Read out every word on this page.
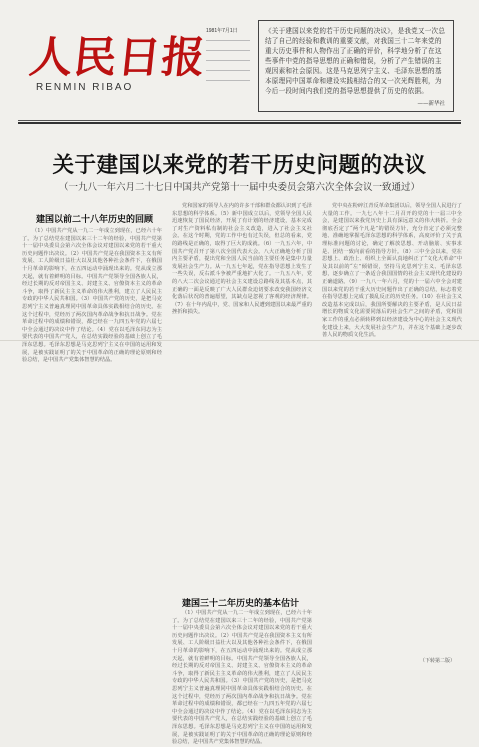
人民日报
RENMIN RIBAO
1981年7月1日	《关于建国以来党的若干历史问题的决议》，是我党又一次总结了自己的经验和教训的重要文献，对我国三十二年来党的重大历史事件和人物作出了正确的评价，科学地分析了在这些事件中党的指导思想的正确和错误，分析了产生错误的主观因素和社会原因。这是马克思列宁主义、毛泽东思想的基本原理同中国革命和建设实践相结合的又一次光辉胜利，为今后一段时间内我们党的指导思想提供了历史的依据。
——新华社
关于建国以来党的若干历史问题的决议
（一九八一年六月二十七日中国共产党第十一届中央委员会第六次全体会议一致通过）
建国以前二十八年历史的回顾

（1）中国共产党从一九二一年成立到现在，已经六十年了。为了总结党在建国以来三十二年的经验，中国共产党第十一届中央委员会第六次全体会议对建国以来党的若干重大历史问题作出决议。（2）中国共产党是在我国资本主义有所发展、工人阶级日益壮大以及其他各种社会条件下，在俄国十月革命的影响下，在五四运动中涌现出来的。党从成立那天起，就有着鲜明的目标。中国共产党领导全国各族人民，经过长期的反对帝国主义、封建主义、官僚资本主义的革命斗争，取得了新民主主义革命的伟大胜利，建立了人民民主专政的中华人民共和国。（3）中国共产党的历史，是把马克思列宁主义普遍真理同中国革命具体实践相结合的历史。在这个过程中，党经历了两次国内革命战争和抗日战争。党在革命过程中的成绩和错误，都已经在一九四五年党的六届七中全会通过的决议中作了结论。（4）党在以毛泽东同志为主要代表的中国共产党人，在总结实践经验的基础上创立了毛泽东思想。毛泽东思想是马克思列宁主义在中国的运用和发展，是被实践证明了的关于中国革命的正确的理论原则和经验总结，是中国共产党集体智慧的结晶。

党和国家的领导人在内的许多干部和群众都认识到了毛泽东思想的科学体系。（5）新中国成立以后，党领导全国人民迅速恢复了国民经济，开展了有计划的经济建设，基本完成了对生产资料私有制的社会主义改造，进入了社会主义社会。在这个时期，党的工作中也有过失误，但总的看来，党的路线是正确的，取得了巨大的成就。（6）一九五六年，中国共产党召开了第八次全国代表大会。八大正确地分析了国内主要矛盾，提出党和全国人民当前的主要任务是集中力量发展社会生产力。从一九五七年起，党在指导思想上发生了一些失误，反右派斗争被严重地扩大化了。一九五八年，党的八大二次会议通过的社会主义建设总路线及其基本点，其正确的一面是反映了广大人民群众迫切要求改变我国经济文化落后状况的普遍愿望，其缺点是忽视了客观的经济规律。（7）在十年内乱中，党、国家和人民遭到建国以来最严重的挫折和损失。

建国三十二年历史的基本估计

（1）中国共产党从一九二一年成立到现在，已经六十年了。为了总结党在建国以来三十二年的经验，中国共产党第十一届中央委员会第六次全体会议对建国以来党的若干重大历史问题作出决议。（2）中国共产党是在我国资本主义有所发展、工人阶级日益壮大以及其他各种社会条件下，在俄国十月革命的影响下，在五四运动中涌现出来的。党从成立那天起，就有着鲜明的目标。中国共产党领导全国各族人民，经过长期的反对帝国主义、封建主义、官僚资本主义的革命斗争，取得了新民主主义革命的伟大胜利，建立了人民民主专政的中华人民共和国。（3）中国共产党的历史，是把马克思列宁主义普遍真理同中国革命具体实践相结合的历史。在这个过程中，党经历了两次国内革命战争和抗日战争。党在革命过程中的成绩和错误，都已经在一九四五年党的六届七中全会通过的决议中作了结论。（4）党在以毛泽东同志为主要代表的中国共产党人，在总结实践经验的基础上创立了毛泽东思想。毛泽东思想是马克思列宁主义在中国的运用和发展，是被实践证明了的关于中国革命的正确的理论原则和经验总结，是中国共产党集体智慧的结晶。

党中央在粉碎江青反革命集团以后，领导全国人民进行了大量的工作。一九七八年十二月召开的党的十一届三中全会，是建国以来我党历史上具有深远意义的伟大转折。全会彻底否定了“两个凡是”的错误方针，充分肯定了必须完整地、准确地掌握毛泽东思想的科学体系，高度评价了关于真理标准问题的讨论，确定了解放思想、开动脑筋、实事求是、团结一致向前看的指导方针。（8）三中全会以来，党在思想上、政治上、组织上全面认真地纠正了“文化大革命”中及其以前的“左”倾错误，坚持马克思列宁主义、毛泽东思想，逐步确立了一条适合我国国情的社会主义现代化建设的正确道路。（9）一九八一年六月，党的十一届六中全会对建国以来党的若干重大历史问题作出了正确的总结，标志着党在指导思想上完成了拨乱反正的历史任务。（10）在社会主义改造基本完成以后，我国所要解决的主要矛盾，是人民日益增长的物质文化需要同落后的社会生产之间的矛盾，党和国家工作的重点必须转移到以经济建设为中心的社会主义现代化建设上来，大大发展社会生产力，并在这个基础上逐步改善人民的物质文化生活。

（下转第二版）
